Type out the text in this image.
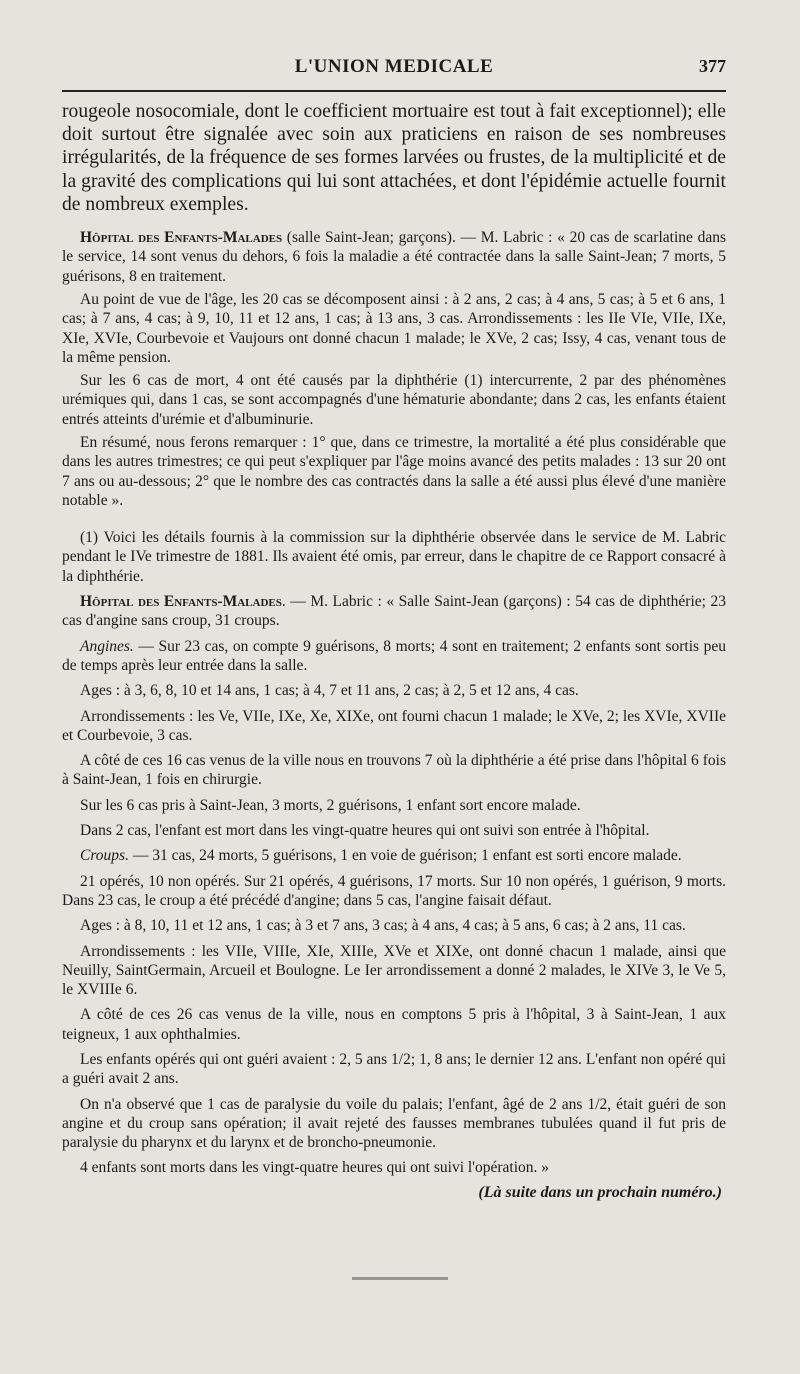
L'UNION MEDICALE	377

rougeole nosocomiale, dont le coefficient mortuaire est tout à fait exceptionnel); elle doit surtout être signalée avec soin aux praticiens en raison de ses nombreuses irrégularités, de la fréquence de ses formes larvées ou frustes, de la multiplicité et de la gravité des complications qui lui sont attachées, et dont l'épidémie actuelle fournit de nombreux exemples.

Hôpital des Enfants-Malades (salle Saint-Jean; garçons). — M. Labric : « 20 cas de scarlatine dans le service, 14 sont venus du dehors, 6 fois la maladie a été contractée dans la salle Saint-Jean; 7 morts, 5 guérisons, 8 en traitement.

Au point de vue de l'âge, les 20 cas se décomposent ainsi : à 2 ans, 2 cas; à 4 ans, 5 cas; à 5 et 6 ans, 1 cas; à 7 ans, 4 cas; à 9, 10, 11 et 12 ans, 1 cas; à 13 ans, 3 cas. Arrondissements : les IIe VIe, VIIe, IXe, XIe, XVIe, Courbevoie et Vaujours ont donné chacun 1 malade; le XVe, 2 cas; Issy, 4 cas, venant tous de la même pension.

Sur les 6 cas de mort, 4 ont été causés par la diphthérie (1) intercurrente, 2 par des phénomènes urémiques qui, dans 1 cas, se sont accompagnés d'une hématurie abondante; dans 2 cas, les enfants étaient entrés atteints d'urémie et d'albuminurie.

En résumé, nous ferons remarquer : 1° que, dans ce trimestre, la mortalité a été plus considérable que dans les autres trimestres; ce qui peut s'expliquer par l'âge moins avancé des petits malades : 13 sur 20 ont 7 ans ou au-dessous; 2° que le nombre des cas contractés dans la salle a été aussi plus élevé d'une manière notable ».

(1) Voici les détails fournis à la commission sur la diphthérie observée dans le service de M. Labric pendant le IVe trimestre de 1881. Ils avaient été omis, par erreur, dans le chapitre de ce Rapport consacré à la diphthérie.

Hôpital des Enfants-Malades. — M. Labric : « Salle Saint-Jean (garçons) : 54 cas de diphthérie; 23 cas d'angine sans croup, 31 croups.

Angines. — Sur 23 cas, on compte 9 guérisons, 8 morts; 4 sont en traitement; 2 enfants sont sortis peu de temps après leur entrée dans la salle.

Ages : à 3, 6, 8, 10 et 14 ans, 1 cas; à 4, 7 et 11 ans, 2 cas; à 2, 5 et 12 ans, 4 cas.

Arrondissements : les Ve, VIIe, IXe, Xe, XIXe, ont fourni chacun 1 malade; le XVe, 2; les XVIe, XVIIe et Courbevoie, 3 cas.

A côté de ces 16 cas venus de la ville nous en trouvons 7 où la diphthérie a été prise dans l'hôpital 6 fois à Saint-Jean, 1 fois en chirurgie.

Sur les 6 cas pris à Saint-Jean, 3 morts, 2 guérisons, 1 enfant sort encore malade.

Dans 2 cas, l'enfant est mort dans les vingt-quatre heures qui ont suivi son entrée à l'hôpital.

Croups. — 31 cas, 24 morts, 5 guérisons, 1 en voie de guérison; 1 enfant est sorti encore malade.

21 opérés, 10 non opérés. Sur 21 opérés, 4 guérisons, 17 morts. Sur 10 non opérés, 1 guérison, 9 morts. Dans 23 cas, le croup a été précédé d'angine; dans 5 cas, l'angine faisait défaut.

Ages : à 8, 10, 11 et 12 ans, 1 cas; à 3 et 7 ans, 3 cas; à 4 ans, 4 cas; à 5 ans, 6 cas; à 2 ans, 11 cas.

Arrondissements : les VIIe, VIIIe, XIe, XIIIe, XVe et XIXe, ont donné chacun 1 malade, ainsi que Neuilly, SaintGermain, Arcueil et Boulogne. Le Ier arrondissement a donné 2 malades, le XIVe 3, le Ve 5, le XVIIIe 6.

A côté de ces 26 cas venus de la ville, nous en comptons 5 pris à l'hôpital, 3 à Saint-Jean, 1 aux teigneux, 1 aux ophthalmies.

Les enfants opérés qui ont guéri avaient : 2, 5 ans 1/2; 1, 8 ans; le dernier 12 ans. L'enfant non opéré qui a guéri avait 2 ans.

On n'a observé que 1 cas de paralysie du voile du palais; l'enfant, âgé de 2 ans 1/2, était guéri de son angine et du croup sans opération; il avait rejeté des fausses membranes tubulées quand il fut pris de paralysie du pharynx et du larynx et de broncho-pneumonie.

4 enfants sont morts dans les vingt-quatre heures qui ont suivi l'opération. »

(Là suite dans un prochain numéro.)
